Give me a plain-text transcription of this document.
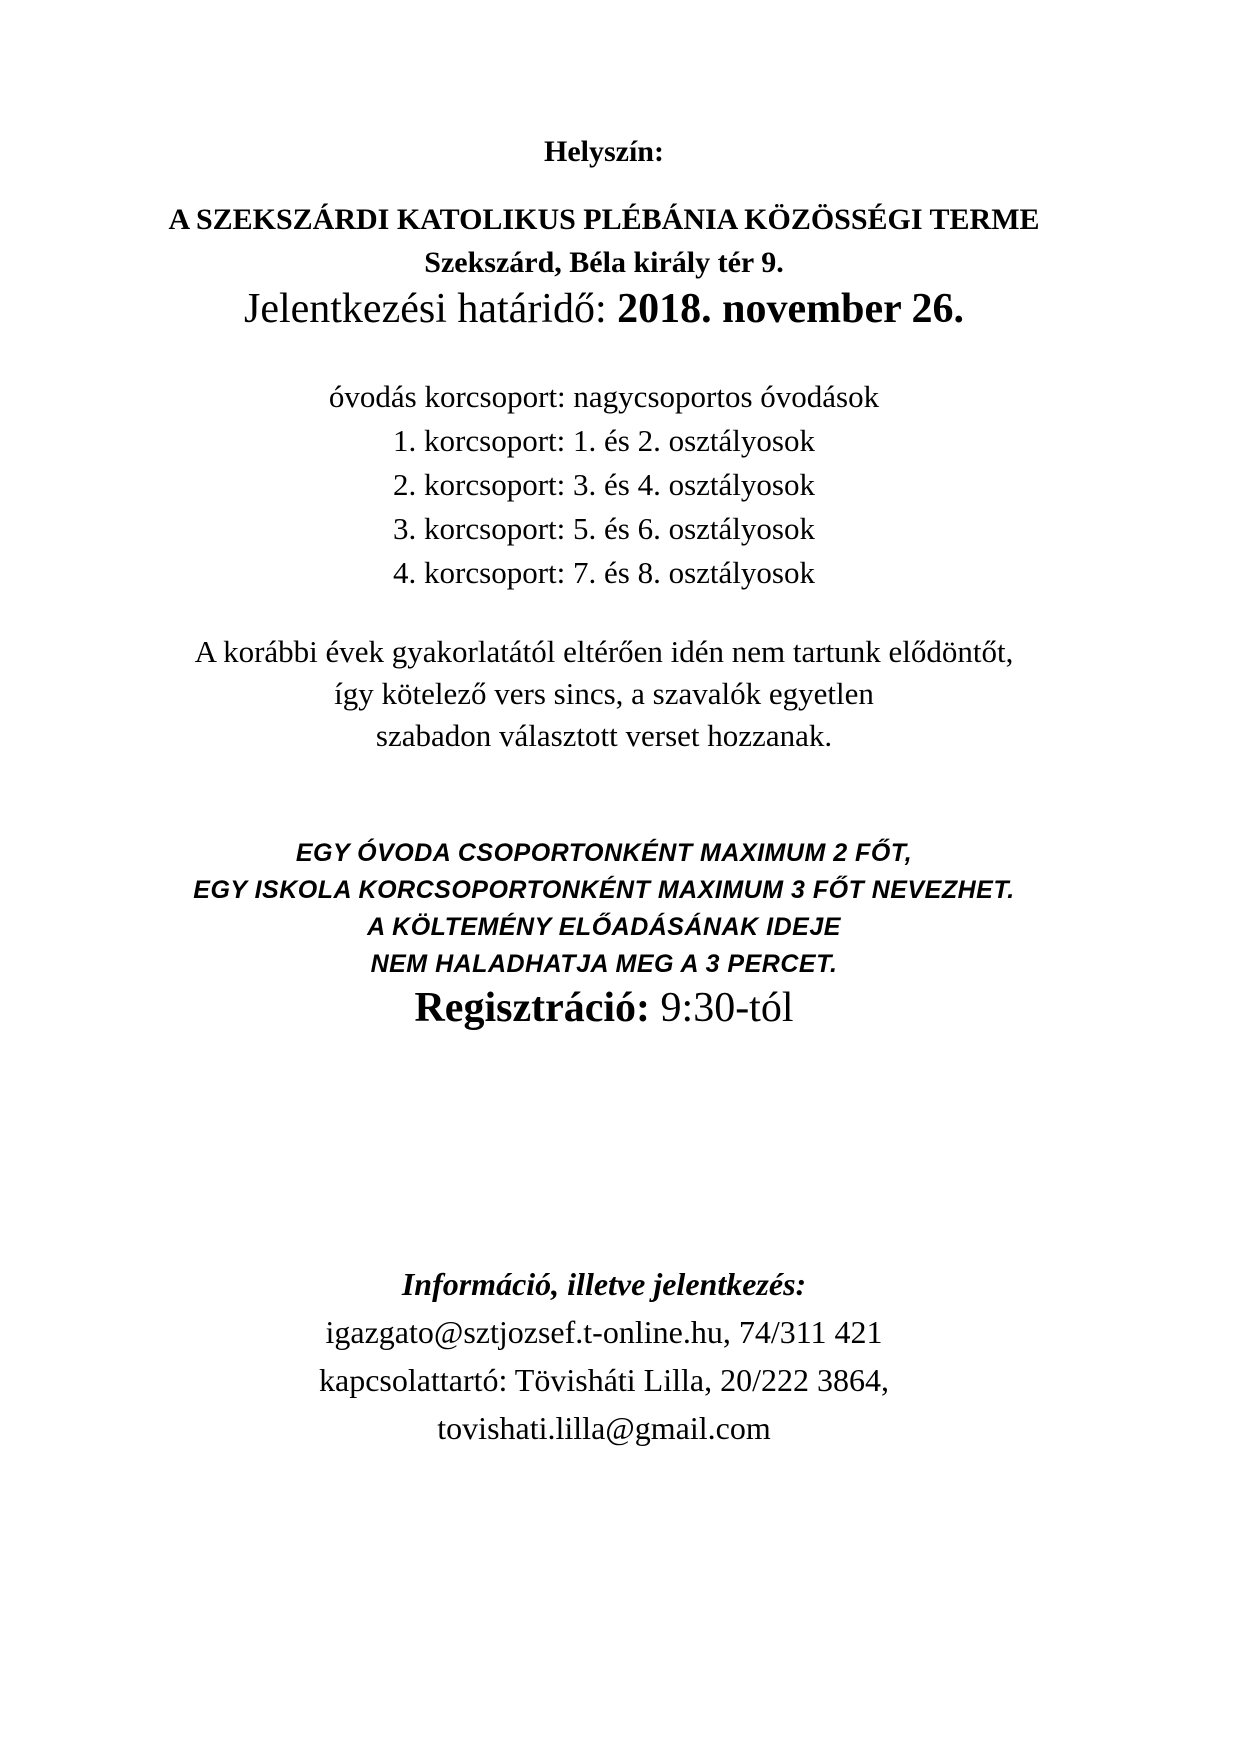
Helyszín:

A SZEKSZÁRDI KATOLIKUS PLÉBÁNIA KÖZÖSSÉGI TERME

Szekszárd, Béla király tér 9.

Jelentkezési határidő: 2018. november 26.

óvodás korcsoport: nagycsoportos óvodások

1. korcsoport: 1. és 2. osztályosok

2. korcsoport: 3. és 4. osztályosok

3. korcsoport: 5. és 6. osztályosok

4. korcsoport: 7. és 8. osztályosok

A korábbi évek gyakorlatától eltérően idén nem tartunk elődöntőt,

így kötelező vers sincs, a szavalók egyetlen

szabadon választott verset hozzanak.

EGY ÓVODA CSOPORTONKÉNT MAXIMUM 2 FŐT,

EGY ISKOLA KORCSOPORTONKÉNT MAXIMUM 3 FŐT NEVEZHET.

A KÖLTEMÉNY ELŐADÁSÁNAK IDEJE

NEM HALADHATJA MEG A 3 PERCET.

Regisztráció: 9:30-tól

Információ, illetve jelentkezés:

igazgato@sztjozsef.t-online.hu, 74/311 421

kapcsolattartó: Tövisháti Lilla, 20/222 3864,

tovishati.lilla@gmail.com
